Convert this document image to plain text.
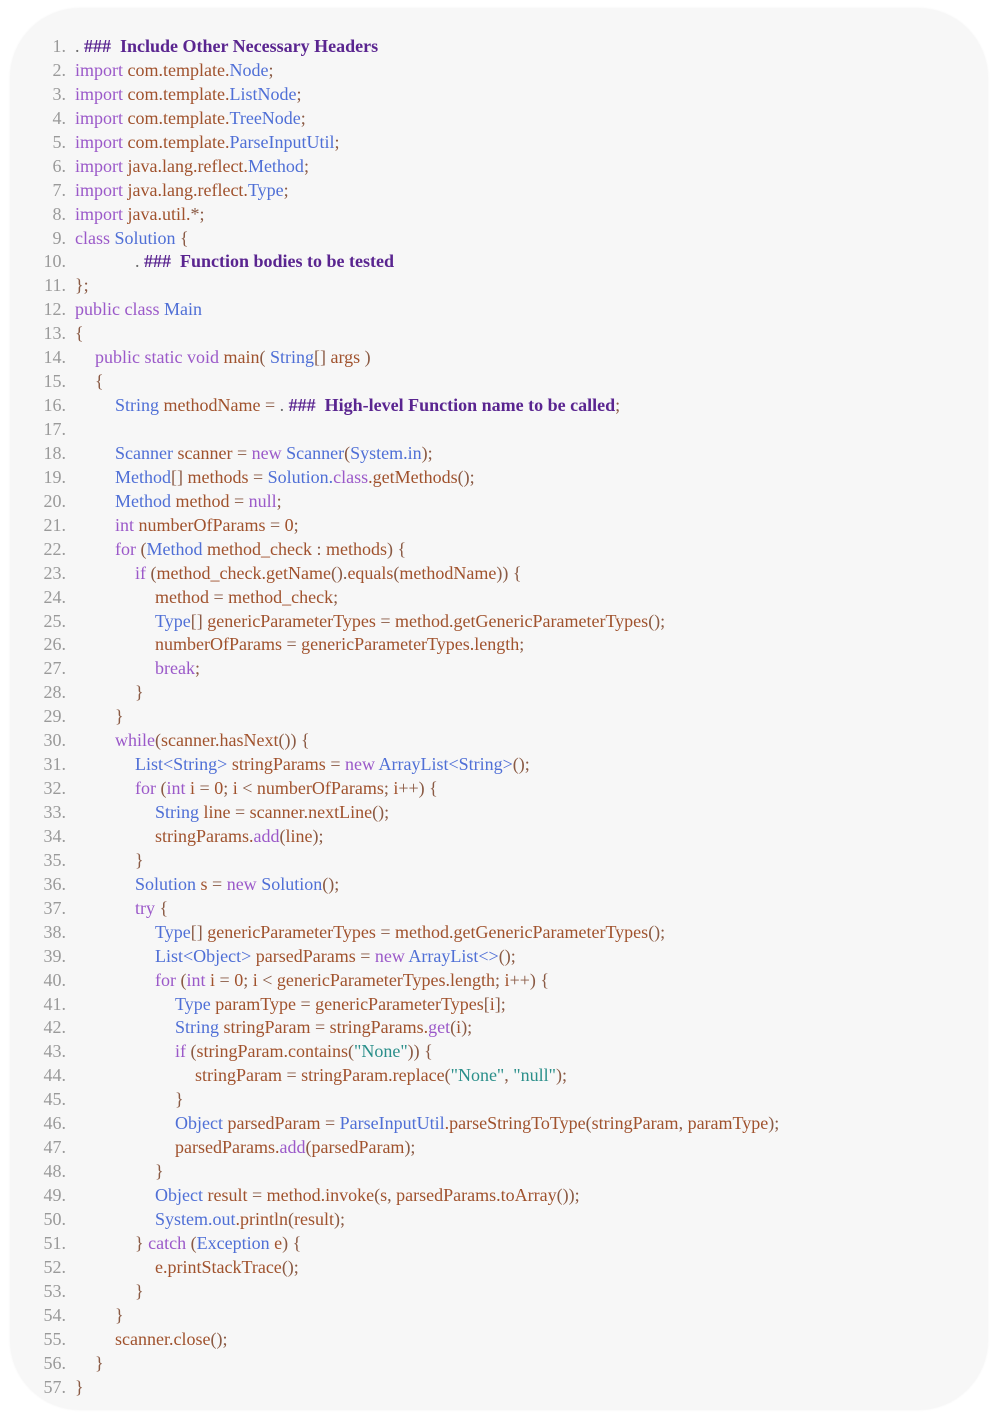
1. . ###  Include Other Necessary Headers
2. import com.template.Node;
3. import com.template.ListNode;
4. import com.template.TreeNode;
5. import com.template.ParseInputUtil;
6. import java.lang.reflect.Method;
7. import java.lang.reflect.Type;
8. import java.util.*;
9. class Solution {
10.	. ###  Function bodies to be tested
11. };
12. public class Main
13. {
14.	public static void main( String[] args )
15.	{
16.	String methodName = . ###  High-level Function name to be called;
17.
18.	Scanner scanner = new Scanner(System.in);
19.	Method[] methods = Solution.class.getMethods();
20.	Method method = null;
21.	int numberOfParams = 0;
22.	for (Method method_check : methods) {
23.	if (method_check.getName().equals(methodName)) {
24.	method = method_check;
25.	Type[] genericParameterTypes = method.getGenericParameterTypes();
26.	numberOfParams = genericParameterTypes.length;
27.	break;
28.	}
29.	}
30.	while(scanner.hasNext()) {
31.	List<String> stringParams = new ArrayList<String>();
32.	for (int i = 0; i < numberOfParams; i++) {
33.	String line = scanner.nextLine();
34.	stringParams.add(line);
35.	}
36.	Solution s = new Solution();
37.	try {
38.	Type[] genericParameterTypes = method.getGenericParameterTypes();
39.	List<Object> parsedParams = new ArrayList<>();
40.	for (int i = 0; i < genericParameterTypes.length; i++) {
41.	Type paramType = genericParameterTypes[i];
42.	String stringParam = stringParams.get(i);
43.	if (stringParam.contains("None")) {
44.	stringParam = stringParam.replace("None", "null");
45.	}
46.	Object parsedParam = ParseInputUtil.parseStringToType(stringParam, paramType);
47.	parsedParams.add(parsedParam);
48.	}
49.	Object result = method.invoke(s, parsedParams.toArray());
50.	System.out.println(result);
51.	} catch (Exception e) {
52.	e.printStackTrace();
53.	}
54.	}
55.	scanner.close();
56.	}
57. }
